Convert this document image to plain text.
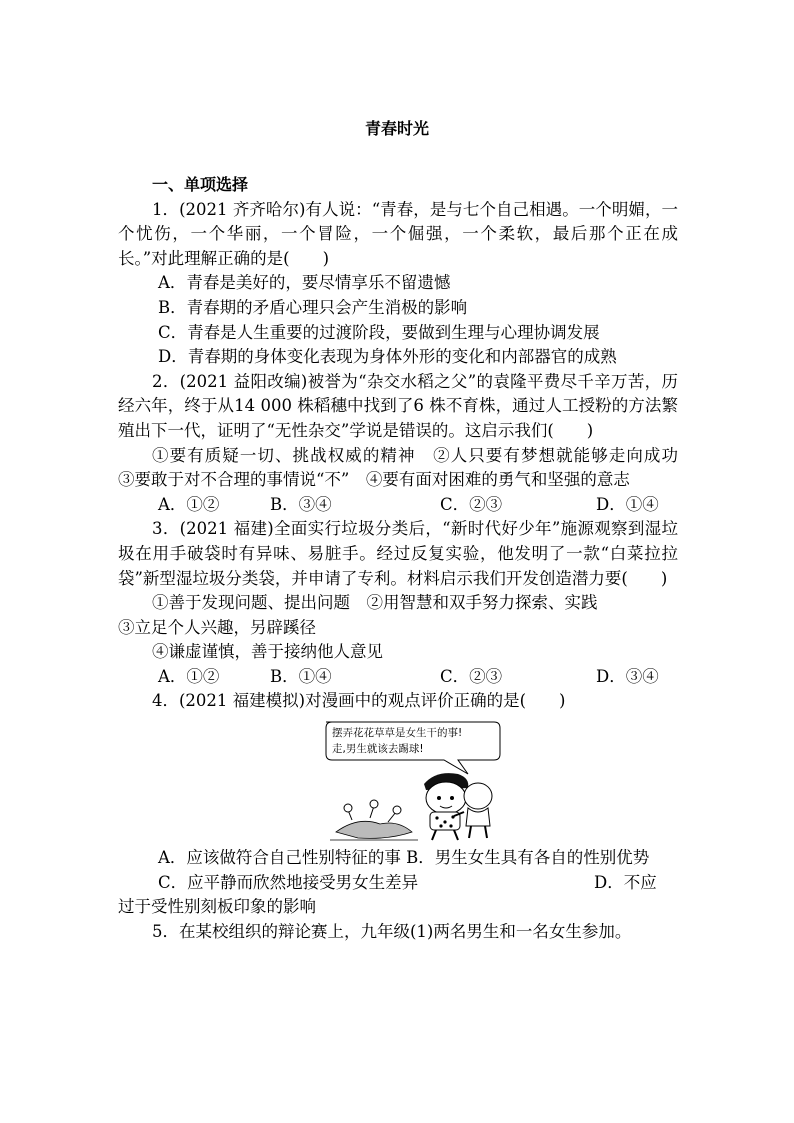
青春时光
一、单项选择

1．(2021 齐齐哈尔)有人说：“青春，是与七个自己相遇。一个明媚，一个忧伤，一个华丽，一个冒险，一个倔强，一个柔软，最后那个正在成长。”对此理解正确的是(　　)

A．青春是美好的，要尽情享乐不留遗憾

B．青春期的矛盾心理只会产生消极的影响

C．青春是人生重要的过渡阶段，要做到生理与心理协调发展

D．青春期的身体变化表现为身体外形的变化和内部器官的成熟

2．(2021 益阳改编)被誉为“杂交水稻之父”的袁隆平费尽千辛万苦，历经六年，终于从14 000 株稻穗中找到了6 株不育株，通过人工授粉的方法繁殖出下一代，证明了“无性杂交”学说是错误的。这启示我们(　　)

①要有质疑一切、挑战权威的精神　②人只要有梦想就能够走向成功　③要敢于对不合理的事情说“不”　④要有面对困难的勇气和坚强的意志

A．①②	B．③④	C．②③	D．①④

3．(2021 福建)全面实行垃圾分类后，“新时代好少年”施源观察到湿垃圾在用手破袋时有异味、易脏手。经过反复实验，他发明了一款“白菜拉拉袋”新型湿垃圾分类袋，并申请了专利。材料启示我们开发创造潜力要(　　)

①善于发现问题、提出问题　②用智慧和双手努力探索、实践

③立足个人兴趣，另辟蹊径

④谦虚谨慎，善于接纳他人意见

A．①②	B．①④	C．②③	D．③④

4．(2021 福建模拟)对漫画中的观点评价正确的是(　　)

摆弄花花草草是女生干的事!
走,男生就该去踢球!

A．应该做符合自己性别特征的事 B．男生女生具有各自的性别优势

C．应平静而欣然地接受男女生差异	D．不应

过于受性别刻板印象的影响

5．在某校组织的辩论赛上，九年级(1)两名男生和一名女生参加。
